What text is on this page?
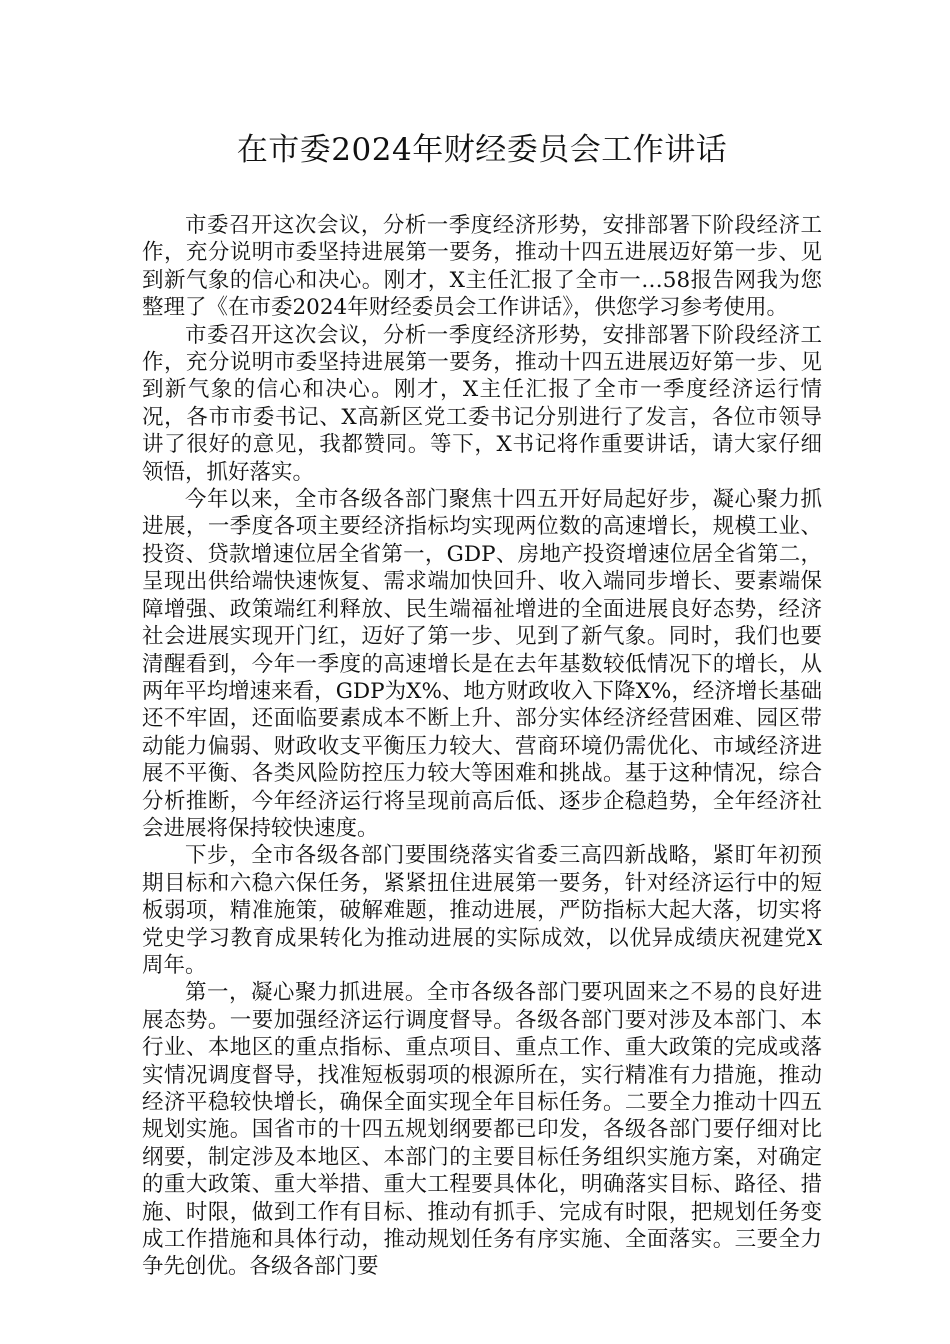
在市委2024年财经委员会工作讲话

市委召开这次会议，分析一季度经济形势，安排部署下阶段经济工作，充分说明市委坚持进展第一要务，推动十四五进展迈好第一步、见到新气象的信心和决心。刚才，X主任汇报了全市一…58报告网我为您整理了《在市委2024年财经委员会工作讲话》，供您学习参考使用。

市委召开这次会议，分析一季度经济形势，安排部署下阶段经济工作，充分说明市委坚持进展第一要务，推动十四五进展迈好第一步、见到新气象的信心和决心。刚才，X主任汇报了全市一季度经济运行情况，各市市委书记、X高新区党工委书记分别进行了发言，各位市领导讲了很好的意见，我都赞同。等下，X书记将作重要讲话，请大家仔细领悟，抓好落实。

今年以来，全市各级各部门聚焦十四五开好局起好步，凝心聚力抓进展，一季度各项主要经济指标均实现两位数的高速增长，规模工业、投资、贷款增速位居全省第一，GDP、房地产投资增速位居全省第二，呈现出供给端快速恢复、需求端加快回升、收入端同步增长、要素端保障增强、政策端红利释放、民生端福祉增进的全面进展良好态势，经济社会进展实现开门红，迈好了第一步、见到了新气象。同时，我们也要清醒看到，今年一季度的高速增长是在去年基数较低情况下的增长，从两年平均增速来看，GDP为X%、地方财政收入下降X%，经济增长基础还不牢固，还面临要素成本不断上升、部分实体经济经营困难、园区带动能力偏弱、财政收支平衡压力较大、营商环境仍需优化、市域经济进展不平衡、各类风险防控压力较大等困难和挑战。基于这种情况，综合分析推断，今年经济运行将呈现前高后低、逐步企稳趋势，全年经济社会进展将保持较快速度。

下步，全市各级各部门要围绕落实省委三高四新战略，紧盯年初预期目标和六稳六保任务，紧紧扭住进展第一要务，针对经济运行中的短板弱项，精准施策，破解难题，推动进展，严防指标大起大落，切实将党史学习教育成果转化为推动进展的实际成效，以优异成绩庆祝建党X周年。

第一，凝心聚力抓进展。全市各级各部门要巩固来之不易的良好进展态势。一要加强经济运行调度督导。各级各部门要对涉及本部门、本行业、本地区的重点指标、重点项目、重点工作、重大政策的完成或落实情况调度督导，找准短板弱项的根源所在，实行精准有力措施，推动经济平稳较快增长，确保全面实现全年目标任务。二要全力推动十四五规划实施。国省市的十四五规划纲要都已印发，各级各部门要仔细对比纲要，制定涉及本地区、本部门的主要目标任务组织实施方案，对确定的重大政策、重大举措、重大工程要具体化，明确落实目标、路径、措施、时限，做到工作有目标、推动有抓手、完成有时限，把规划任务变成工作措施和具体行动，推动规划任务有序实施、全面落实。三要全力争先创优。各级各部门要
